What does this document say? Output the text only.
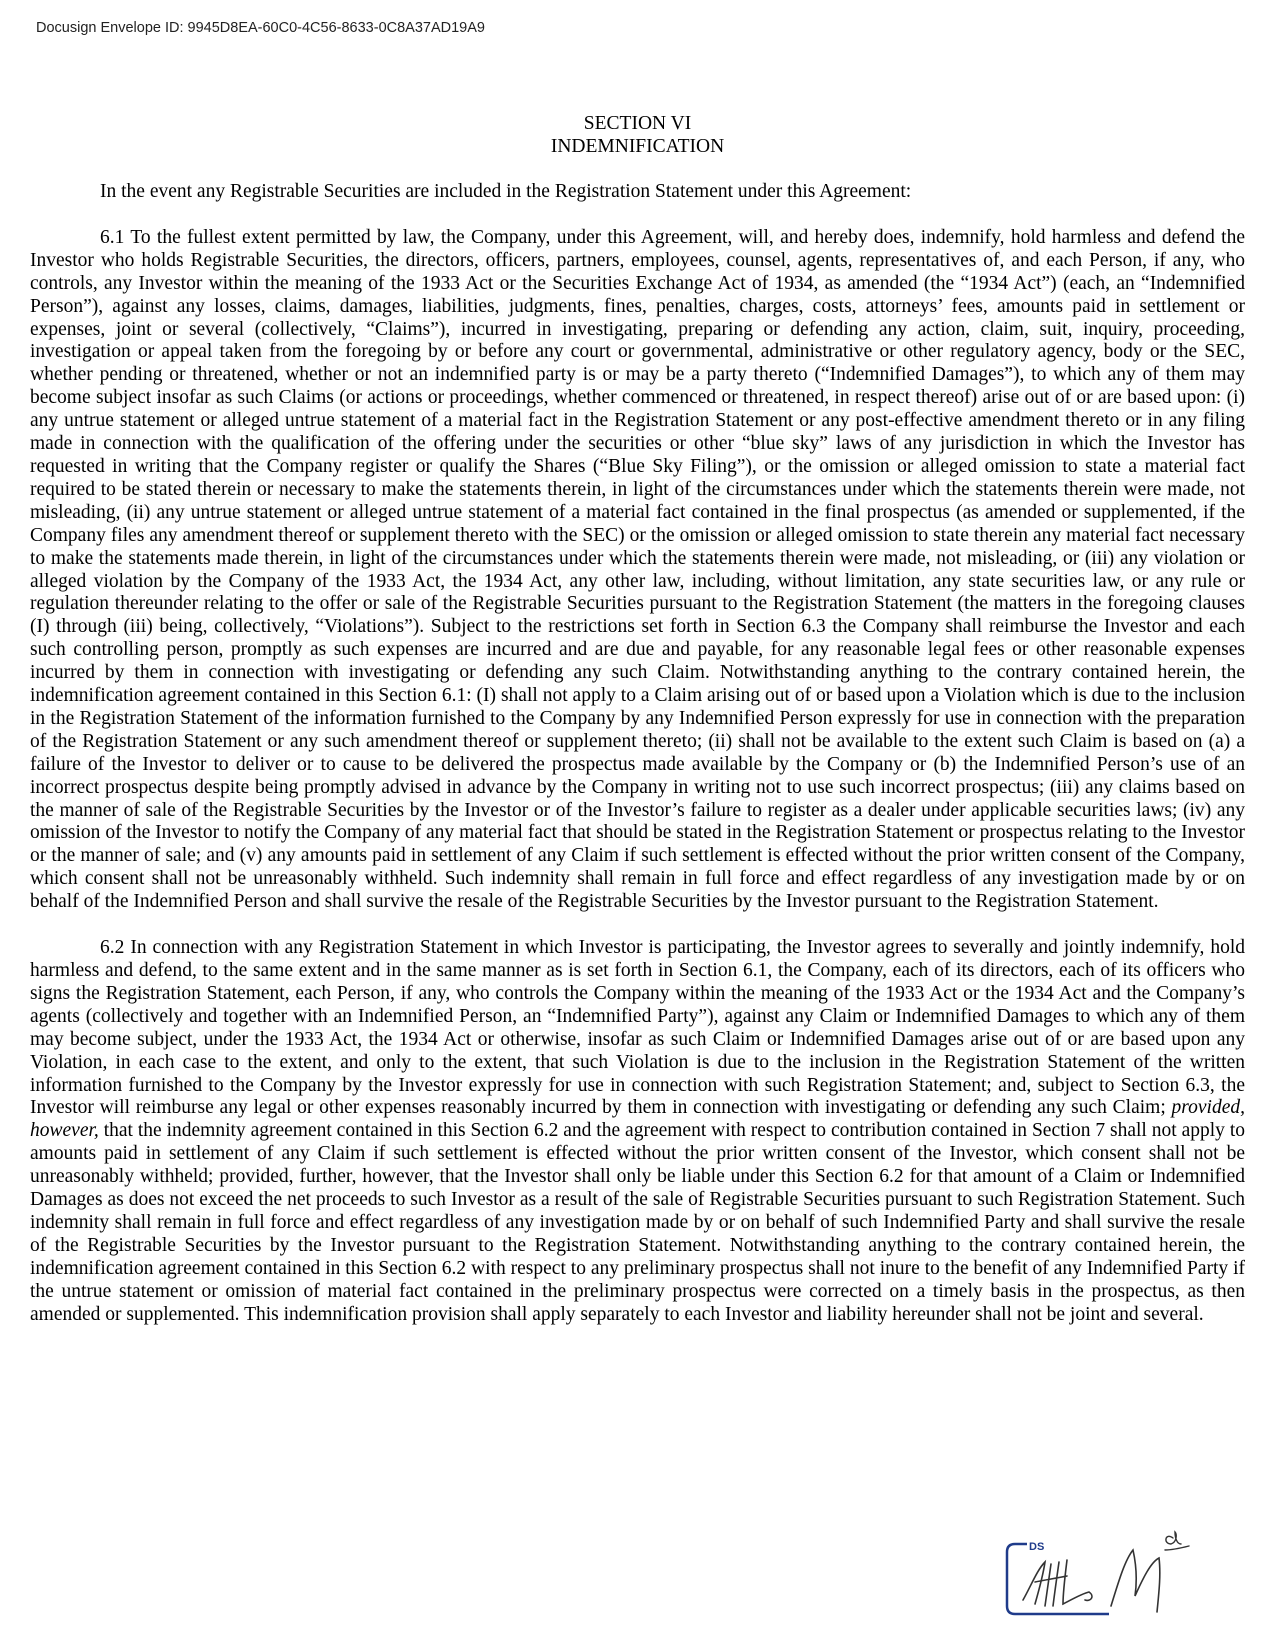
Docusign Envelope ID: 9945D8EA-60C0-4C56-8633-0C8A37AD19A9
SECTION VI
INDEMNIFICATION

In the event any Registrable Securities are included in the Registration Statement under this Agreement:

6.1 To the fullest extent permitted by law, the Company, under this Agreement, will, and hereby does, indemnify, hold harmless and defend the Investor who holds Registrable Securities, the directors, officers, partners, employees, counsel, agents, representatives of, and each Person, if any, who controls, any Investor within the meaning of the 1933 Act or the Securities Exchange Act of 1934, as amended (the “1934 Act”) (each, an “Indemnified Person”), against any losses, claims, damages, liabilities, judgments, fines, penalties, charges, costs, attorneys’ fees, amounts paid in settlement or expenses, joint or several (collectively, “Claims”), incurred in investigating, preparing or defending any action, claim, suit, inquiry, proceeding, investigation or appeal taken from the foregoing by or before any court or governmental, administrative or other regulatory agency, body or the SEC, whether pending or threatened, whether or not an indemnified party is or may be a party thereto (“Indemnified Damages”), to which any of them may become subject insofar as such Claims (or actions or proceedings, whether commenced or threatened, in respect thereof) arise out of or are based upon: (i) any untrue statement or alleged untrue statement of a material fact in the Registration Statement or any post-effective amendment thereto or in any filing made in connection with the qualification of the offering under the securities or other “blue sky” laws of any jurisdiction in which the Investor has requested in writing that the Company register or qualify the Shares (“Blue Sky Filing”), or the omission or alleged omission to state a material fact required to be stated therein or necessary to make the statements therein, in light of the circumstances under which the statements therein were made, not misleading, (ii) any untrue statement or alleged untrue statement of a material fact contained in the final prospectus (as amended or supplemented, if the Company files any amendment thereof or supplement thereto with the SEC) or the omission or alleged omission to state therein any material fact necessary to make the statements made therein, in light of the circumstances under which the statements therein were made, not misleading, or (iii) any violation or alleged violation by the Company of the 1933 Act, the 1934 Act, any other law, including, without limitation, any state securities law, or any rule or regulation thereunder relating to the offer or sale of the Registrable Securities pursuant to the Registration Statement (the matters in the foregoing clauses (I) through (iii) being, collectively, “Violations”). Subject to the restrictions set forth in Section 6.3 the Company shall reimburse the Investor and each such controlling person, promptly as such expenses are incurred and are due and payable, for any reasonable legal fees or other reasonable expenses incurred by them in connection with investigating or defending any such Claim. Notwithstanding anything to the contrary contained herein, the indemnification agreement contained in this Section 6.1: (I) shall not apply to a Claim arising out of or based upon a Violation which is due to the inclusion in the Registration Statement of the information furnished to the Company by any Indemnified Person expressly for use in connection with the preparation of the Registration Statement or any such amendment thereof or supplement thereto; (ii) shall not be available to the extent such Claim is based on (a) a failure of the Investor to deliver or to cause to be delivered the prospectus made available by the Company or (b) the Indemnified Person’s use of an incorrect prospectus despite being promptly advised in advance by the Company in writing not to use such incorrect prospectus; (iii) any claims based on the manner of sale of the Registrable Securities by the Investor or of the Investor’s failure to register as a dealer under applicable securities laws; (iv) any omission of the Investor to notify the Company of any material fact that should be stated in the Registration Statement or prospectus relating to the Investor or the manner of sale; and (v) any amounts paid in settlement of any Claim if such settlement is effected without the prior written consent of the Company, which consent shall not be unreasonably withheld. Such indemnity shall remain in full force and effect regardless of any investigation made by or on behalf of the Indemnified Person and shall survive the resale of the Registrable Securities by the Investor pursuant to the Registration Statement.

6.2 In connection with any Registration Statement in which Investor is participating, the Investor agrees to severally and jointly indemnify, hold harmless and defend, to the same extent and in the same manner as is set forth in Section 6.1, the Company, each of its directors, each of its officers who signs the Registration Statement, each Person, if any, who controls the Company within the meaning of the 1933 Act or the 1934 Act and the Company’s agents (collectively and together with an Indemnified Person, an “Indemnified Party”), against any Claim or Indemnified Damages to which any of them may become subject, under the 1933 Act, the 1934 Act or otherwise, insofar as such Claim or Indemnified Damages arise out of or are based upon any Violation, in each case to the extent, and only to the extent, that such Violation is due to the inclusion in the Registration Statement of the written information furnished to the Company by the Investor expressly for use in connection with such Registration Statement; and, subject to Section 6.3, the Investor will reimburse any legal or other expenses reasonably incurred by them in connection with investigating or defending any such Claim; provided, however, that the indemnity agreement contained in this Section 6.2 and the agreement with respect to contribution contained in Section 7 shall not apply to amounts paid in settlement of any Claim if such settlement is effected without the prior written consent of the Investor, which consent shall not be unreasonably withheld; provided, further, however, that the Investor shall only be liable under this Section 6.2 for that amount of a Claim or Indemnified Damages as does not exceed the net proceeds to such Investor as a result of the sale of Registrable Securities pursuant to such Registration Statement. Such indemnity shall remain in full force and effect regardless of any investigation made by or on behalf of such Indemnified Party and shall survive the resale of the Registrable Securities by the Investor pursuant to the Registration Statement. Notwithstanding anything to the contrary contained herein, the indemnification agreement contained in this Section 6.2 with respect to any preliminary prospectus shall not inure to the benefit of any Indemnified Party if the untrue statement or omission of material fact contained in the preliminary prospectus were corrected on a timely basis in the prospectus, as then amended or supplemented. This indemnification provision shall apply separately to each Investor and liability hereunder shall not be joint and several.

DS
